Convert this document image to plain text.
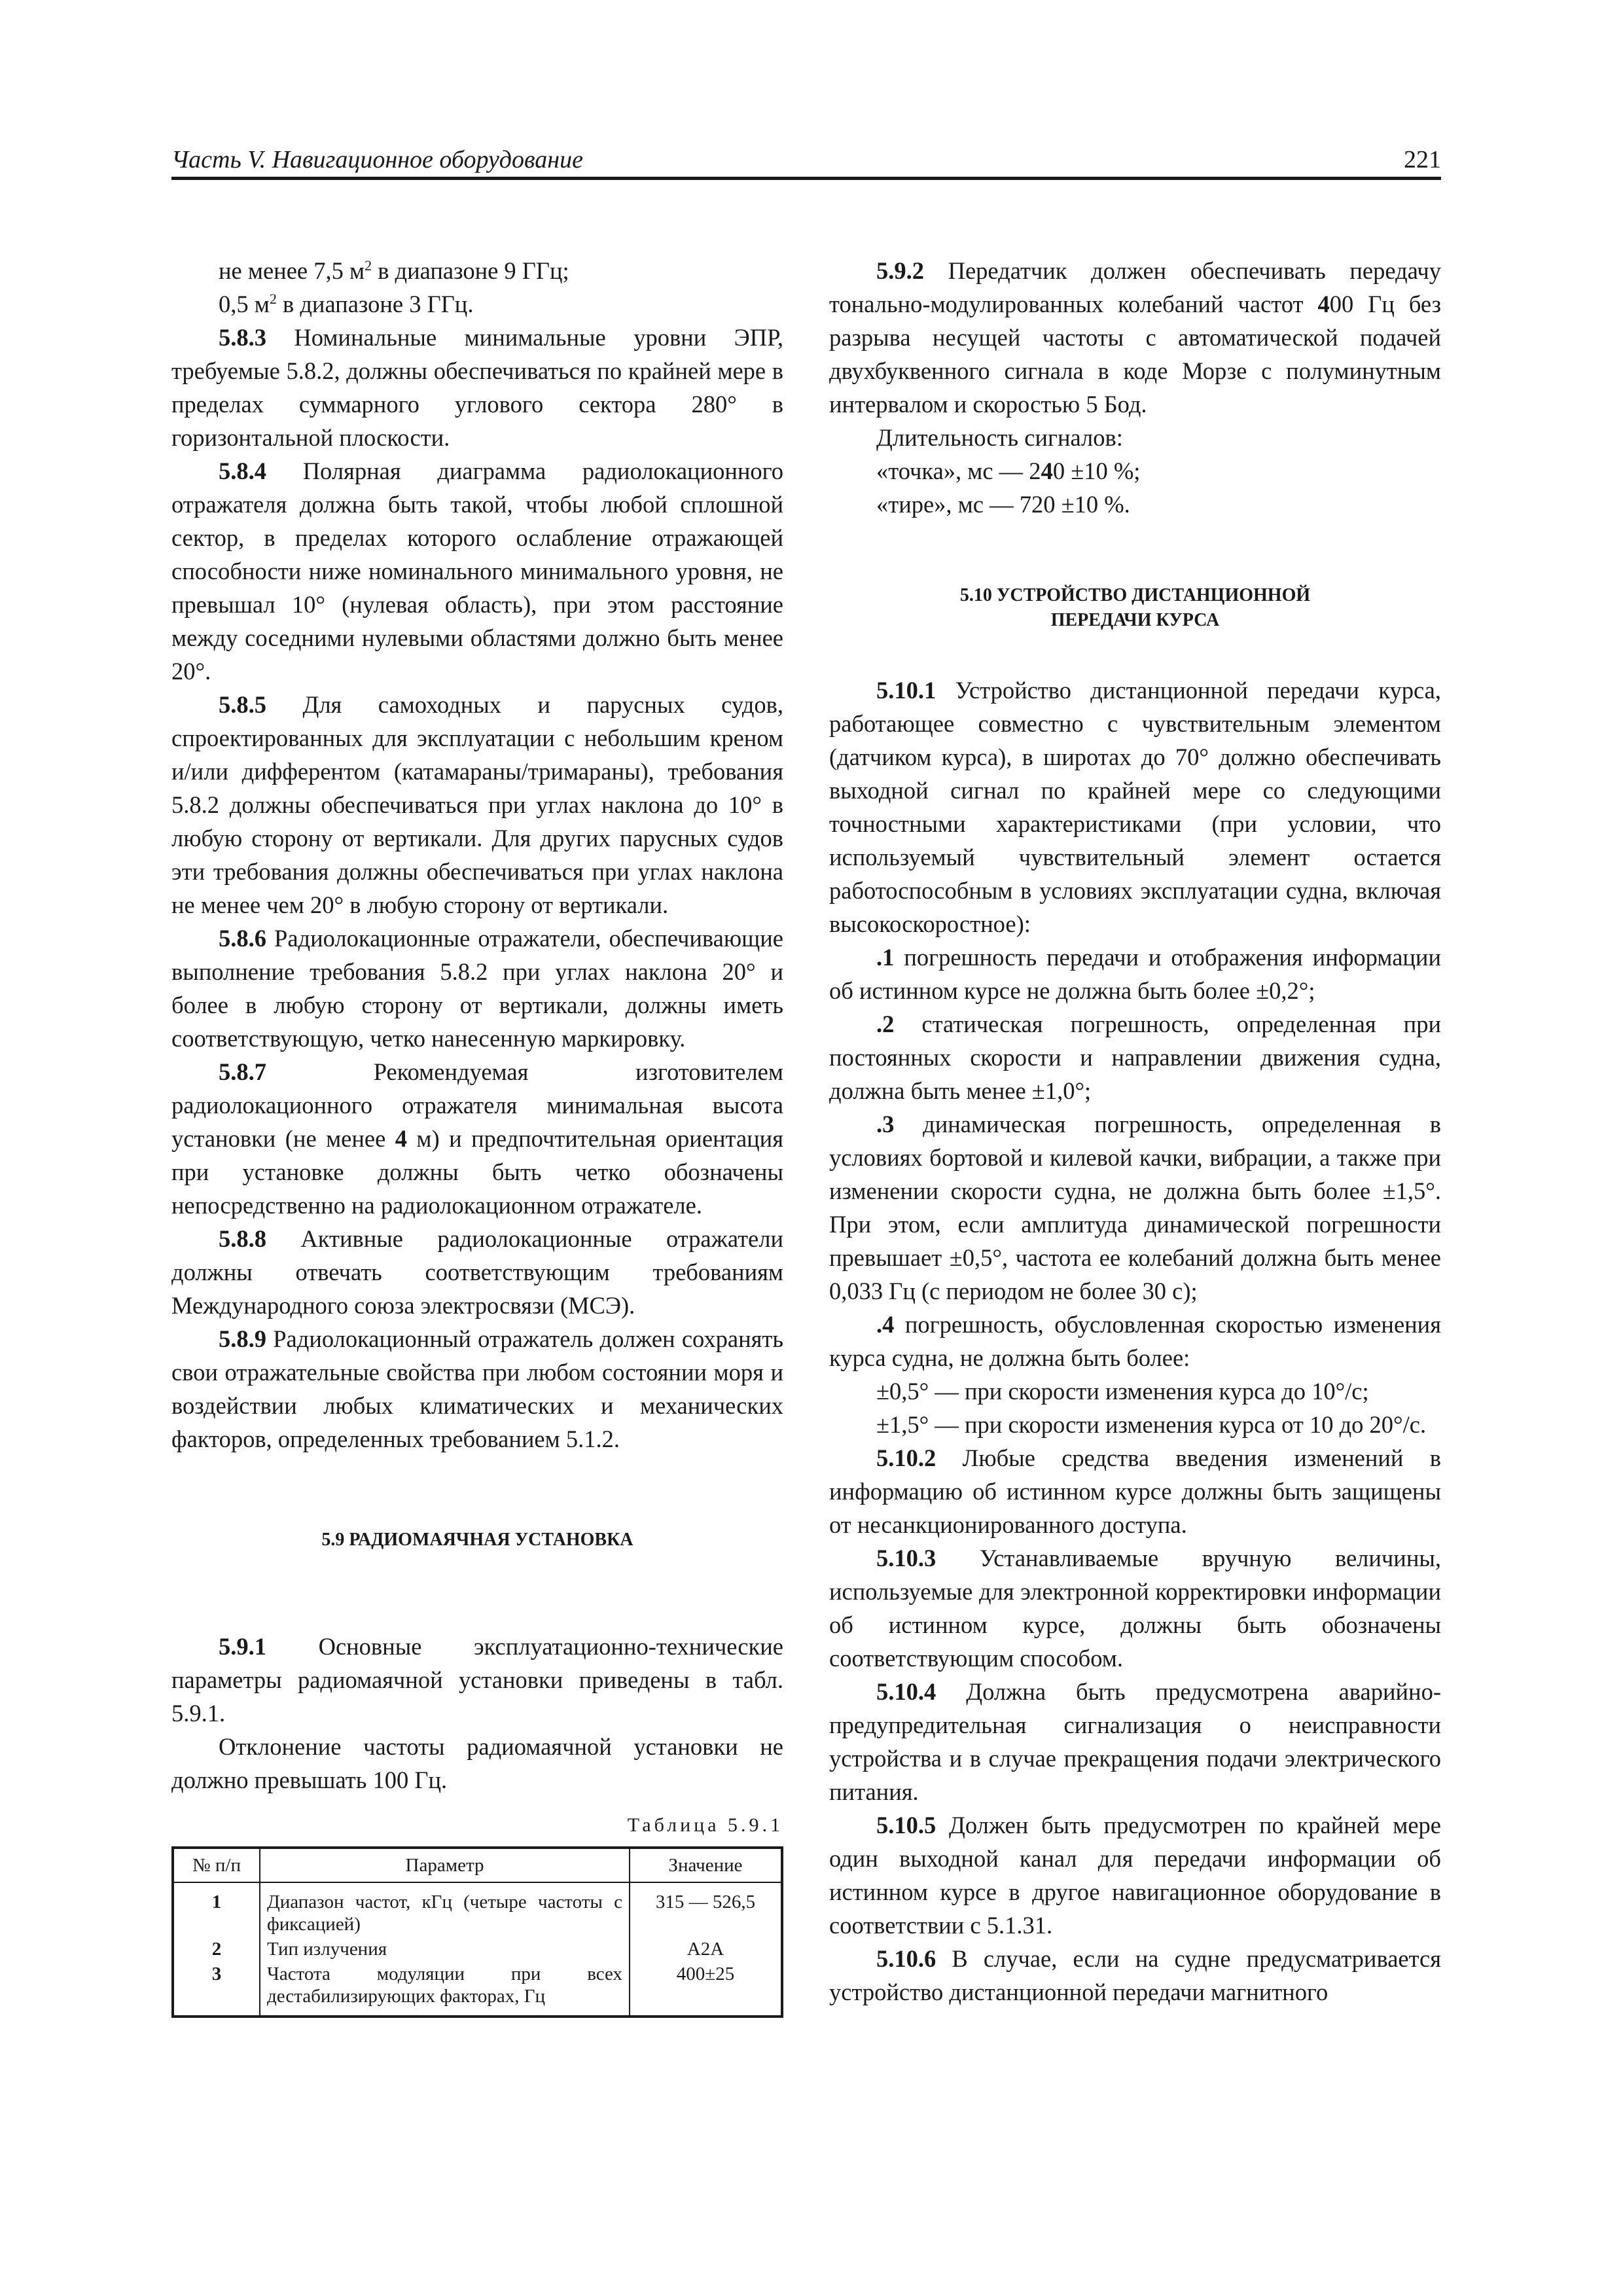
Часть V. Навигационное оборудование	221

не менее 7,5 $м^2$ в диапазоне 9 ГГц;

0,5 $м^2$ в диапазоне 3 ГГц.

5.8.3 Номинальные минимальные уровни ЭПР, требуемые 5.8.2, должны обеспечиваться по крайней мере в пределах суммарного углового сектора 280° в горизонтальной плоскости.

5.8.4 Полярная диаграмма радиолокационного отражателя должна быть такой, чтобы любой сплошной сектор, в пределах которого ослабление отражающей способности ниже номинального минимального уровня, не превышал 10° (нулевая область), при этом расстояние между соседними нулевыми областями должно быть менее 20°.

5.8.5 Для самоходных и парусных судов, спроектированных для эксплуатации с небольшим креном и/или дифферентом (катамараны/тримараны), требования 5.8.2 должны обеспечиваться при углах наклона до 10° в любую сторону от вертикали. Для других парусных судов эти требования должны обеспечиваться при углах наклона не менее чем 20° в любую сторону от вертикали.

5.8.6 Радиолокационные отражатели, обеспечивающие выполнение требования 5.8.2 при углах наклона 20° и более в любую сторону от вертикали, должны иметь соответствующую, четко нанесенную маркировку.

5.8.7 Рекомендуемая изготовителем радиолокационного отражателя минимальная высота установки (не менее 4 м) и предпочтительная ориентация при установке должны быть четко обозначены непосредственно на радиолокационном отражателе.

5.8.8 Активные радиолокационные отражатели должны отвечать соответствующим требованиям Международного союза электросвязи (МСЭ).

5.8.9 Радиолокационный отражатель должен сохранять свои отражательные свойства при любом состоянии моря и воздействии любых климатических и механических факторов, определенных требованием 5.1.2.

5.9 РАДИОМАЯЧНАЯ УСТАНОВКА

5.9.1 Основные эксплуатационно-технические параметры радиомаячной установки приведены в табл. 5.9.1.

Отклонение частоты радиомаячной установки не должно превышать 100 Гц.

Таблица 5.9.1
№ п/п	Параметр	Значение
1	Диапазон частот, кГц (четыре частоты с фиксацией)	315 — 526,5
2	Тип излучения	А2А
3	Частота модуляции при всех дестабилизирующих факторах, Гц	400±25

5.9.2 Передатчик должен обеспечивать передачу тонально-модулированных колебаний частот 400 Гц без разрыва несущей частоты с автоматической подачей двухбуквенного сигнала в коде Морзе с полуминутным интервалом и скоростью 5 Бод.

Длительность сигналов:

«точка», мс — 240 ±10 %;

«тире», мс — 720 ±10 %.

5.10 УСТРОЙСТВО ДИСТАНЦИОННОЙ

ПЕРЕДАЧИ КУРСА

5.10.1 Устройство дистанционной передачи курса, работающее совместно с чувствительным элементом (датчиком курса), в широтах до 70° должно обеспечивать выходной сигнал по крайней мере со следующими точностными характеристиками (при условии, что используемый чувствительный элемент остается работоспособным в условиях эксплуатации судна, включая высокоскоростное):

.1 погрешность передачи и отображения информации об истинном курсе не должна быть более ±0,2°;

.2 статическая погрешность, определенная при постоянных скорости и направлении движения судна, должна быть менее ±1,0°;

.3 динамическая погрешность, определенная в условиях бортовой и килевой качки, вибрации, а также при изменении скорости судна, не должна быть более ±1,5°. При этом, если амплитуда динамической погрешности превышает ±0,5°, частота ее колебаний должна быть менее 0,033 Гц (с периодом не более 30 с);

.4 погрешность, обусловленная скоростью изменения курса судна, не должна быть более:

±0,5° — при скорости изменения курса до 10°/с;

±1,5° — при скорости изменения курса от 10 до 20°/с.

5.10.2 Любые средства введения изменений в информацию об истинном курсе должны быть защищены от несанкционированного доступа.

5.10.3 Устанавливаемые вручную величины, используемые для электронной корректировки информации об истинном курсе, должны быть обозначены соответствующим способом.

5.10.4 Должна быть предусмотрена аварийно-предупредительная сигнализация о неисправности устройства и в случае прекращения подачи электрического питания.

5.10.5 Должен быть предусмотрен по крайней мере один выходной канал для передачи информации об истинном курсе в другое навигационное оборудование в соответствии с 5.1.31.

5.10.6 В случае, если на судне предусматривается устройство дистанционной передачи магнитного
